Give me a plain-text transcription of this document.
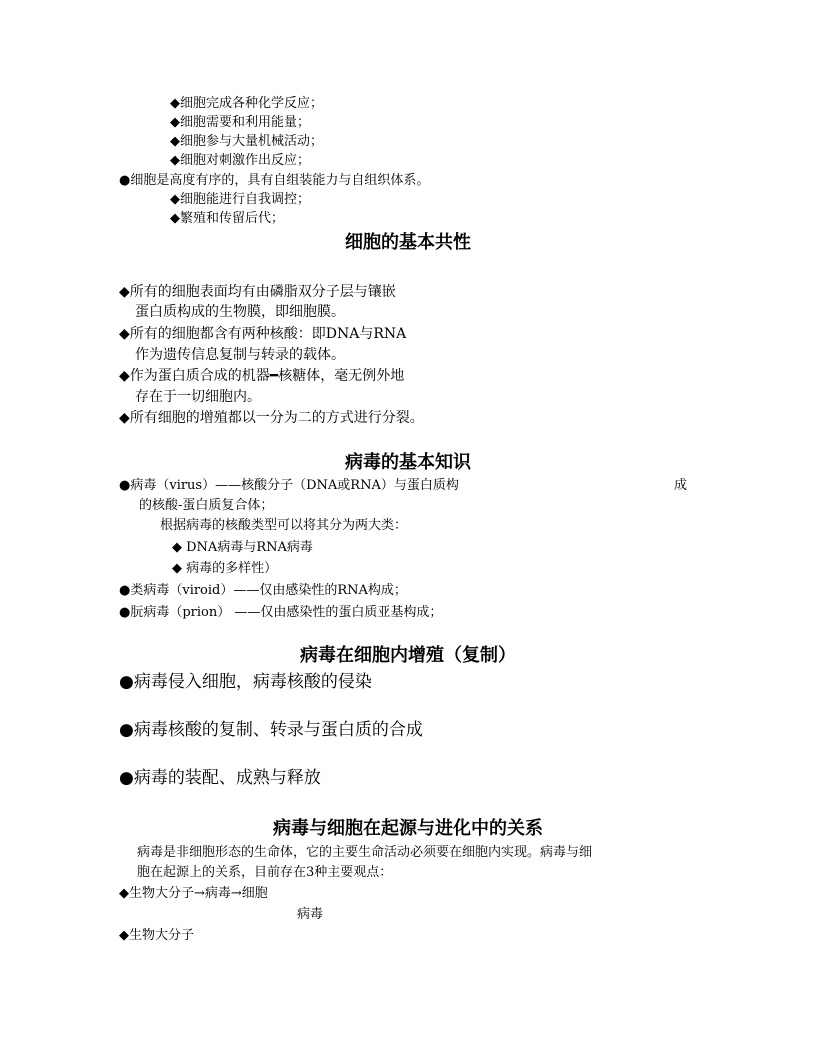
◆细胞完成各种化学反应；
◆细胞需要和利用能量；
◆细胞参与大量机械活动；
◆细胞对刺激作出反应；
●细胞是高度有序的，具有自组装能力与自组织体系。
◆细胞能进行自我调控；
◆繁殖和传留后代；
细胞的基本共性
◆所有的细胞表面均有由磷脂双分子层与镶嵌
蛋白质构成的生物膜，即细胞膜。
◆所有的细胞都含有两种核酸：即DNA与RNA
作为遗传信息复制与转录的载体。
◆作为蛋白质合成的机器━核糖体，毫无例外地
存在于一切细胞内。
◆所有细胞的增殖都以一分为二的方式进行分裂。
病毒的基本知识
●病毒（virus）——核酸分子（DNA或RNA）与蛋白质构	成
的核酸-蛋白质复合体；
根据病毒的核酸类型可以将其分为两大类：
◆ DNA病毒与RNA病毒
◆ 病毒的多样性）
●类病毒（viroid）——仅由感染性的RNA构成；
●朊病毒（prion） ——仅由感染性的蛋白质亚基构成；
病毒在细胞内增殖（复制）
●病毒侵入细胞，病毒核酸的侵染
●病毒核酸的复制、转录与蛋白质的合成
●病毒的装配、成熟与释放
病毒与细胞在起源与进化中的关系
病毒是非细胞形态的生命体，它的主要生命活动必须要在细胞内实现。病毒与细
胞在起源上的关系，目前存在3种主要观点：
◆生物大分子→病毒→细胞
病毒
◆生物大分子
